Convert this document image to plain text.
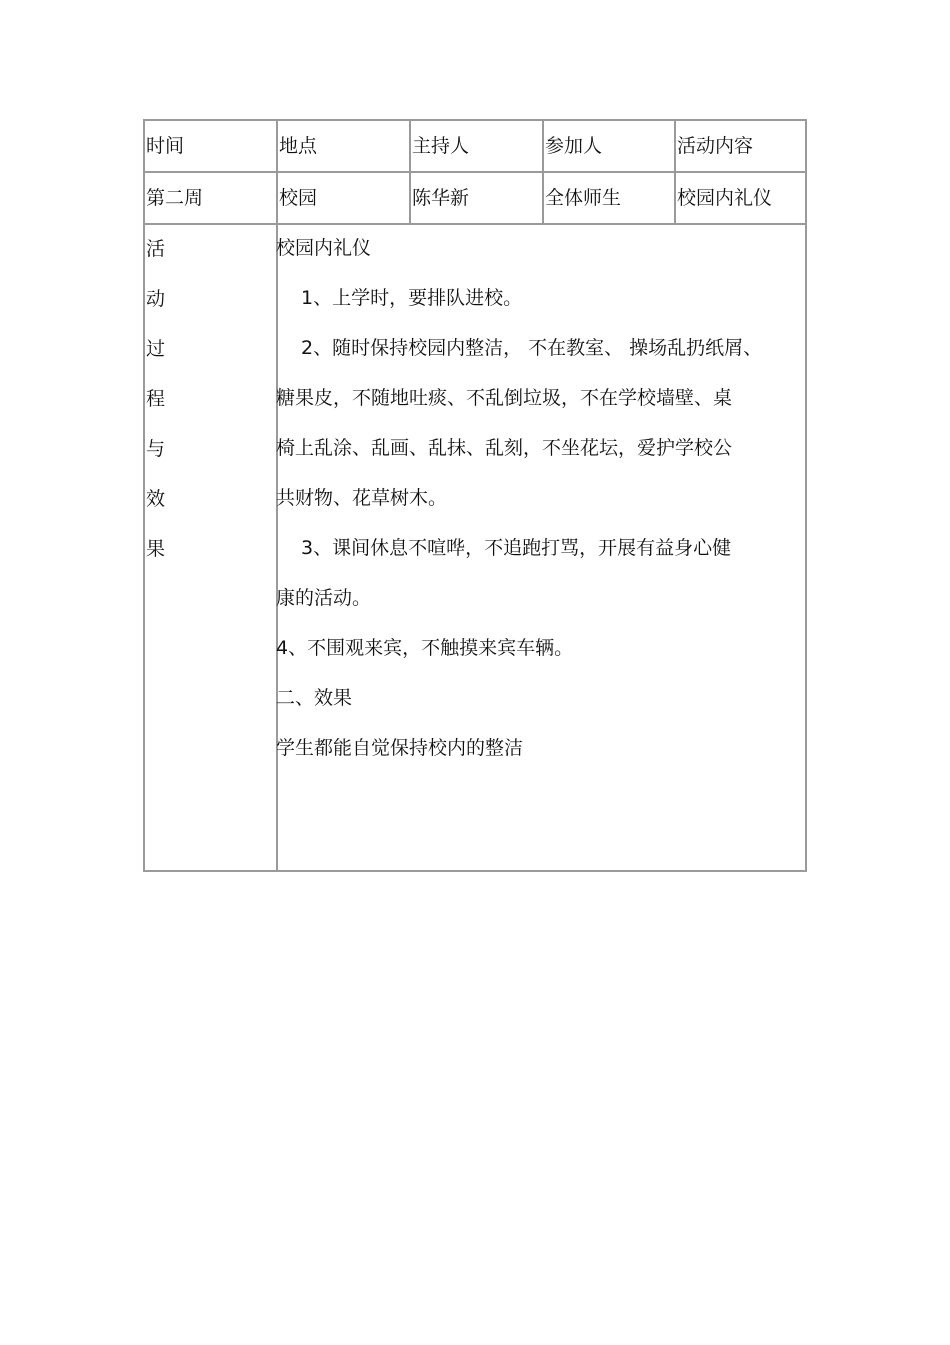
时间	地点	主持人	参加人	活动内容
第二周	校园	陈华新	全体师生	校园内礼仪
活
动
过
程
与
效
果

校园内礼仪

1、上学时，要排队进校。

2、随时保持校园内整洁， 不在教室、 操场乱扔纸屑、

糖果皮，不随地吐痰、不乱倒垃圾，不在学校墙壁、桌

椅上乱涂、乱画、乱抹、乱刻，不坐花坛，爱护学校公

共财物、花草树木。

3、课间休息不喧哗，不追跑打骂，开展有益身心健

康的活动。

4、不围观来宾，不触摸来宾车辆。

二、效果

学生都能自觉保持校内的整洁
